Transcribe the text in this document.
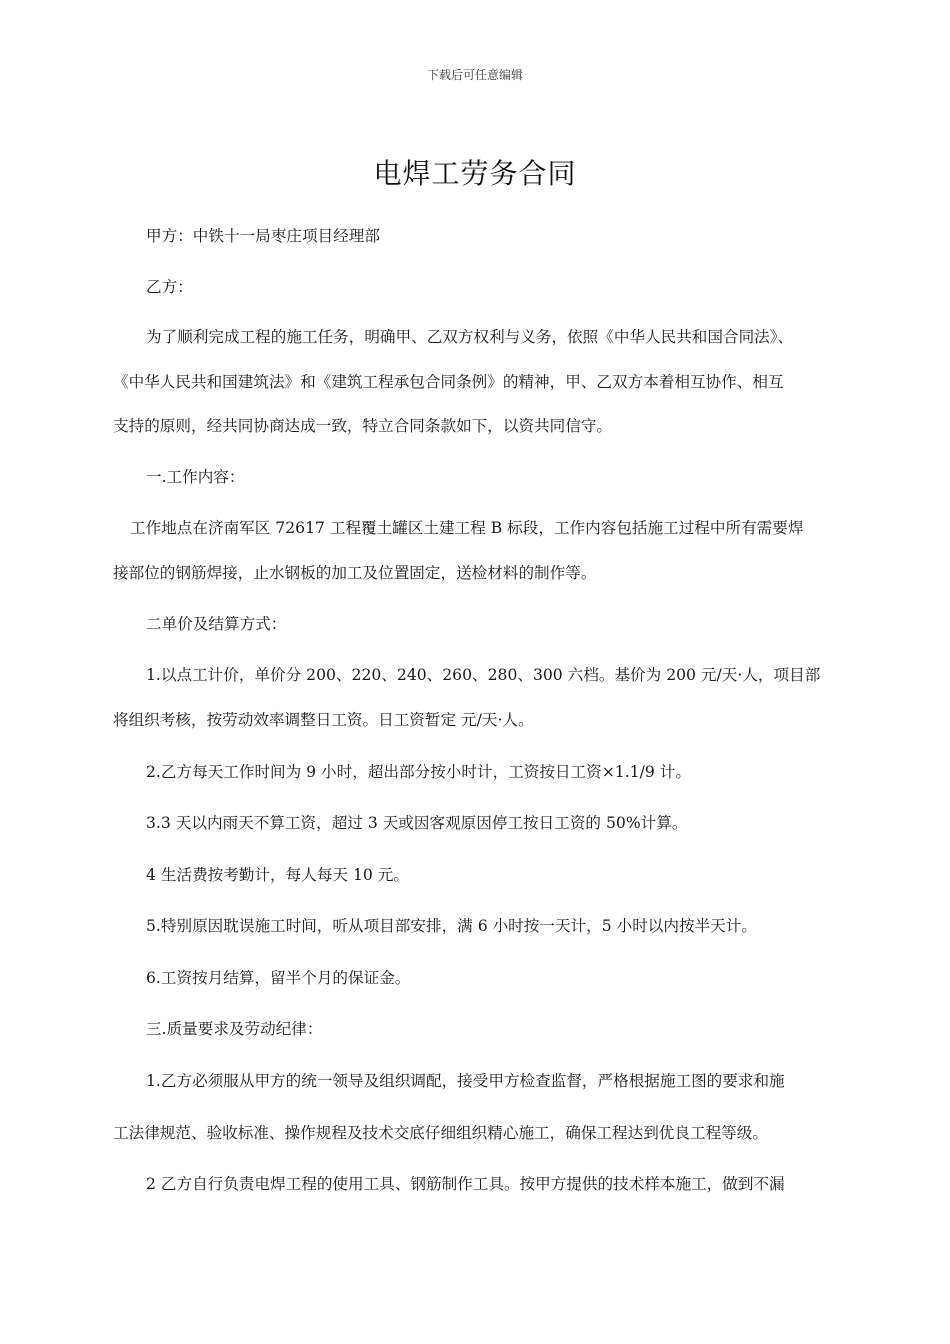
下载后可任意编辑
电焊工劳务合同
甲方：中铁十一局枣庄项目经理部
乙方：
为了顺利完成工程的施工任务，明确甲、乙双方权利与义务，依照《中华人民共和国合同法》、
《中华人民共和国建筑法》和《建筑工程承包合同条例》的精神，甲、乙双方本着相互协作、相互
支持的原则，经共同协商达成一致，特立合同条款如下，以资共同信守。
一.工作内容：
工作地点在济南军区 72617 工程覆土罐区土建工程 B 标段，工作内容包括施工过程中所有需要焊
接部位的钢筋焊接，止水钢板的加工及位置固定，送检材料的制作等。
二单价及结算方式：
1.以点工计价，单价分 200、220、240、260、280、300 六档。基价为 200 元/天·人，项目部
将组织考核，按劳动效率调整日工资。日工资暂定 元/天·人。
2.乙方每天工作时间为 9 小时，超出部分按小时计，工资按日工资×1.1/9 计。
3.3 天以内雨天不算工资，超过 3 天或因客观原因停工按日工资的 50%计算。
4 生活费按考勤计，每人每天 10 元。
5.特别原因耽误施工时间，听从项目部安排，满 6 小时按一天计，5 小时以内按半天计。
6.工资按月结算，留半个月的保证金。
三.质量要求及劳动纪律：
1.乙方必须服从甲方的统一领导及组织调配，接受甲方检查监督，严格根据施工图的要求和施
工法律规范、验收标准、操作规程及技术交底仔细组织精心施工，确保工程达到优良工程等级。
2 乙方自行负责电焊工程的使用工具、钢筋制作工具。按甲方提供的技术样本施工，做到不漏
